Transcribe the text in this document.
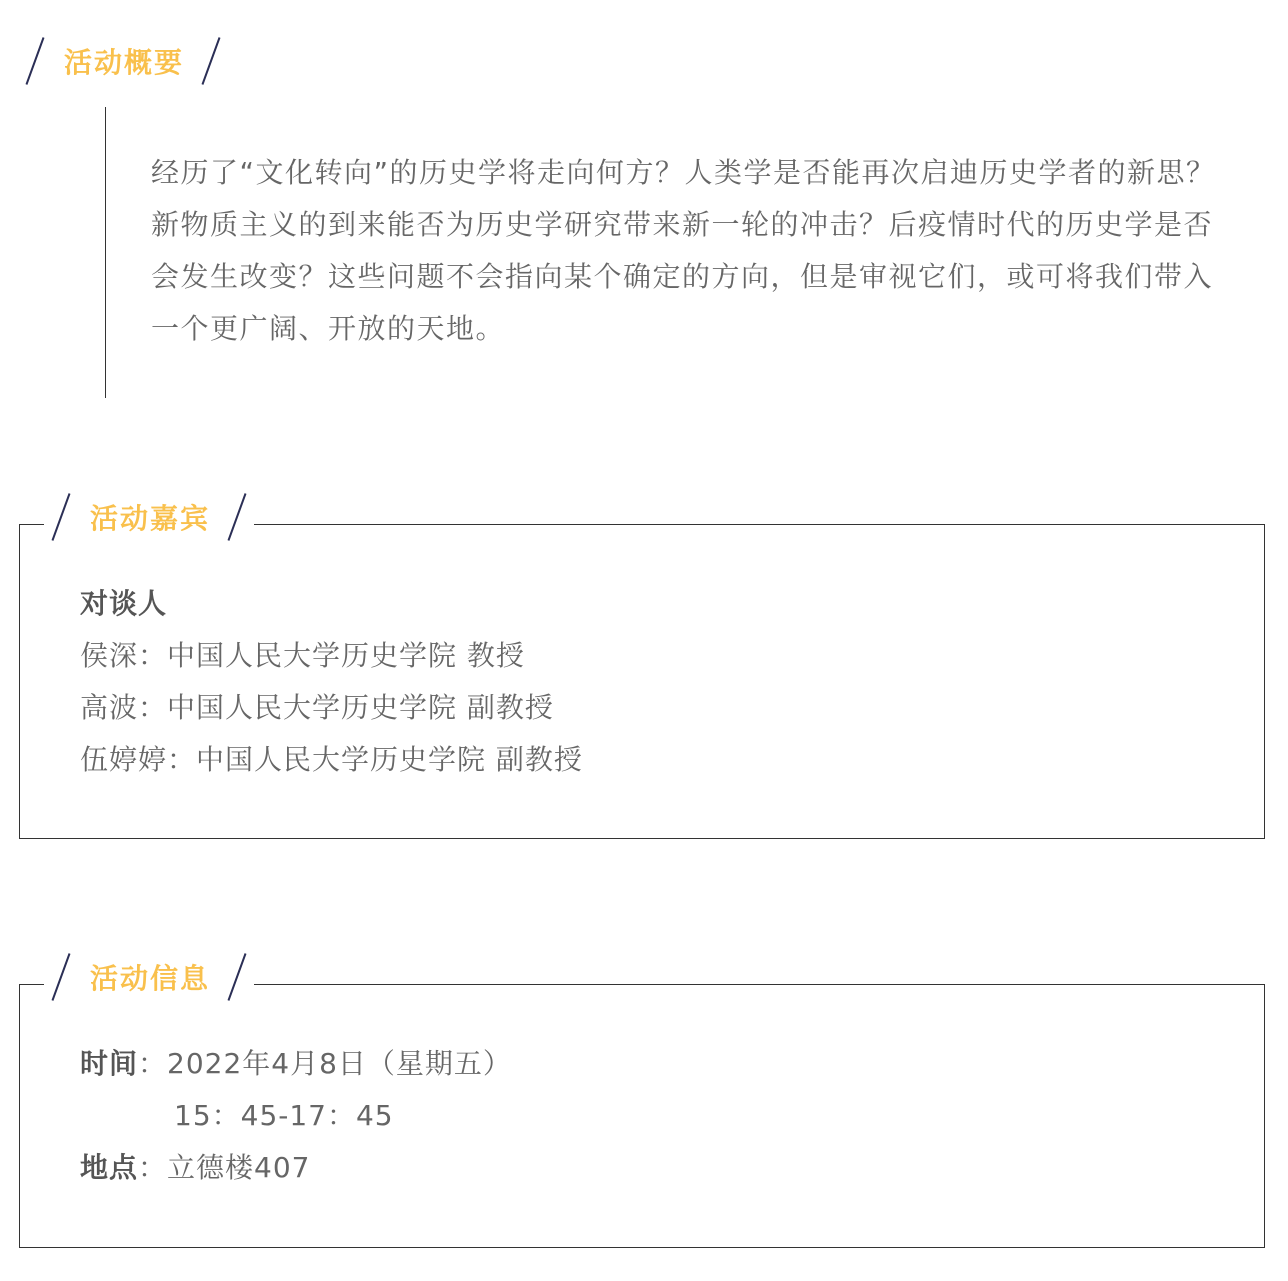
活动概要

经历了“文化转向”的历史学将走向何方？人类学是否能再次启迪历史学者的新思？新物质主义的到来能否为历史学研究带来新一轮的冲击？后疫情时代的历史学是否会发生改变？这些问题不会指向某个确定的方向，但是审视它们，或可将我们带入一个更广阔、开放的天地。

对谈人
侯深：中国人民大学历史学院 教授
高波：中国人民大学历史学院 副教授
伍婷婷：中国人民大学历史学院 副教授
活动嘉宾
时间：2022年4月8日（星期五）
15：45-17：45
地点：立德楼407
活动信息
